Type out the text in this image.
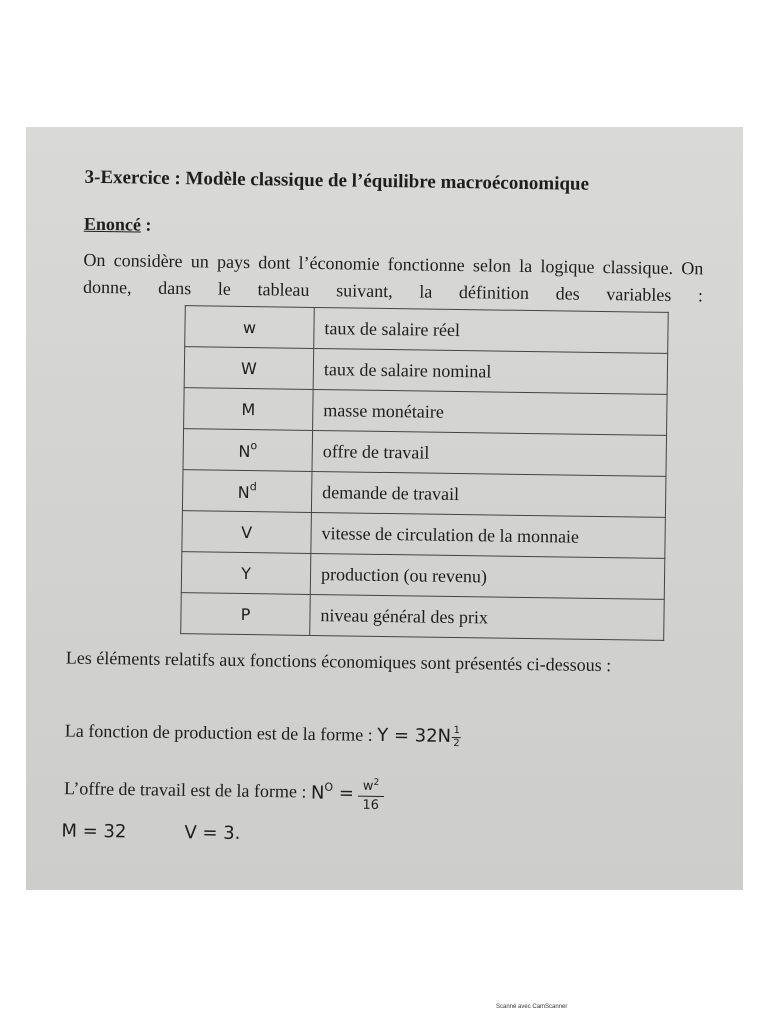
3-Exercice : Modèle classique de l’équilibre macroéconomique

Enoncé :

On considère un pays dont l’économie fonctionne selon la logique classique. On donne, dans le tableau suivant, la définition des variables :

w	taux de salaire réel
W	taux de salaire nominal
M	masse monétaire
$N^o$	offre de travail
$N^d$	demande de travail
V	vitesse de circulation de la monnaie
Y	production (ou revenu)
P	niveau général des prix

Les éléments relatifs aux fonctions économiques sont présentés ci-dessous :

La fonction de production est de la forme : $Y = 32N \frac{1}{2}$

L’offre de travail est de la forme : $N^O = \frac{w^2}{16}$

M = 32	V = 3.

Scanné avec CamScanner
